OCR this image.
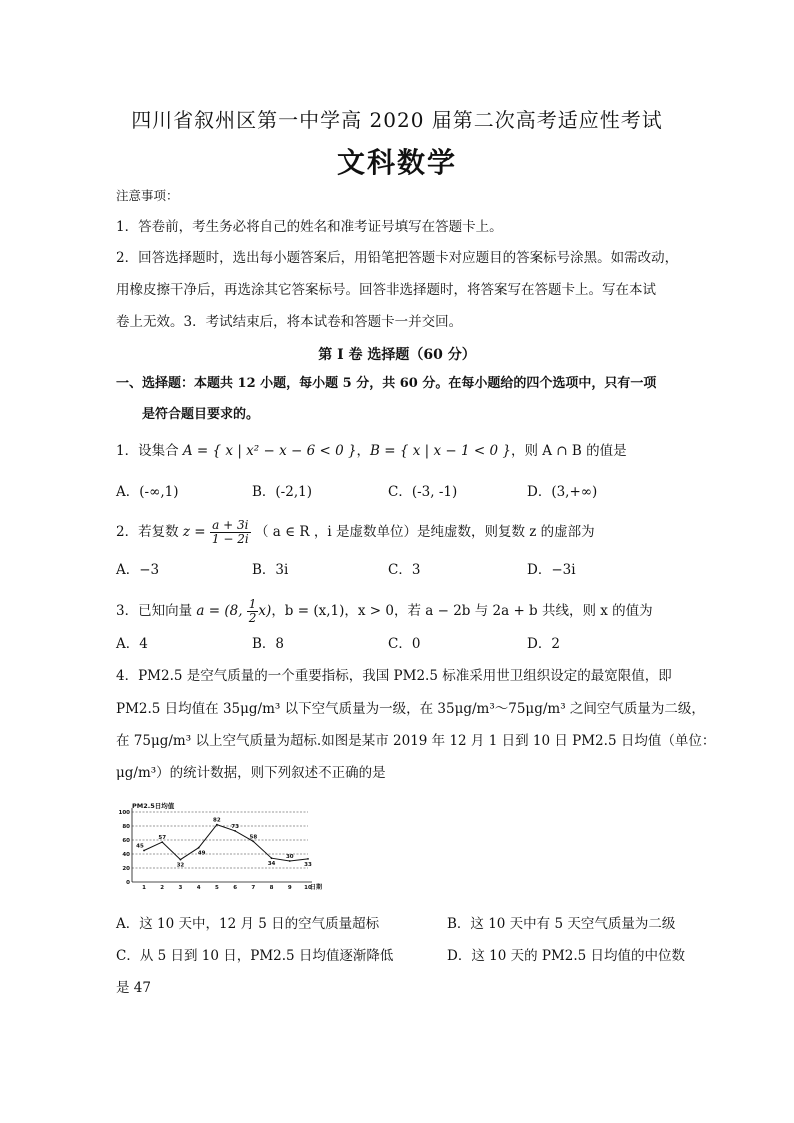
四川省叙州区第一中学高 2020 届第二次高考适应性考试
文科数学
注意事项：
1．答卷前，考生务必将自己的姓名和准考证号填写在答题卡上。
2．回答选择题时，选出每小题答案后，用铅笔把答题卡对应题目的答案标号涂黑。如需改动，
用橡皮擦干净后，再选涂其它答案标号。回答非选择题时，将答案写在答题卡上。写在本试
卷上无效。3．考试结束后，将本试卷和答题卡一并交回。
第 I 卷 选择题（60 分）
一、选择题：本题共 12 小题，每小题 5 分，共 60 分。在每小题给的四个选项中，只有一项
是符合题目要求的。
1．设集合 A = { x | x² − x − 6 < 0 }，B = { x | x − 1 < 0 }，则 A ∩ B 的值是
A．(-∞,1)	B．(-2,1)	C．(-3, -1)	D．(3,+∞)
2．若复数 $z = \frac{a + 3i}{1 - 2i}$ （ a ∈ R ，i 是虚数单位）是纯虚数，则复数 z 的虚部为
A．−3	B．3i	C．3	D．−3i
3．已知向量 a = (8, $\frac{1}{2} x$)，b = (x,1)，x > 0，若 a − 2b 与 2a + b 共线，则 x 的值为
A．4	B．8	C．0	D．2
4．PM2.5 是空气质量的一个重要指标，我国 PM2.5 标准采用世卫组织设定的最宽限值，即
PM2.5 日均值在 35μg/m³ 以下空气质量为一级，在 35μg/m³～75μg/m³ 之间空气质量为二级，
在 75μg/m³ 以上空气质量为超标.如图是某市 2019 年 12 月 1 日到 10 日 PM2.5 日均值（单位：
μg/m³）的统计数据，则下列叙述不正确的是
PM2.5日均值
0
20
40
60
80
100
1	2	3	4	5	6	7	8	9 10
45
57
32
49
82
73
58
34
30
33
日期
A．这 10 天中，12 月 5 日的空气质量超标	B．这 10 天中有 5 天空气质量为二级
C．从 5 日到 10 日，PM2.5 日均值逐渐降低	D．这 10 天的 PM2.5 日均值的中位数
是 47
